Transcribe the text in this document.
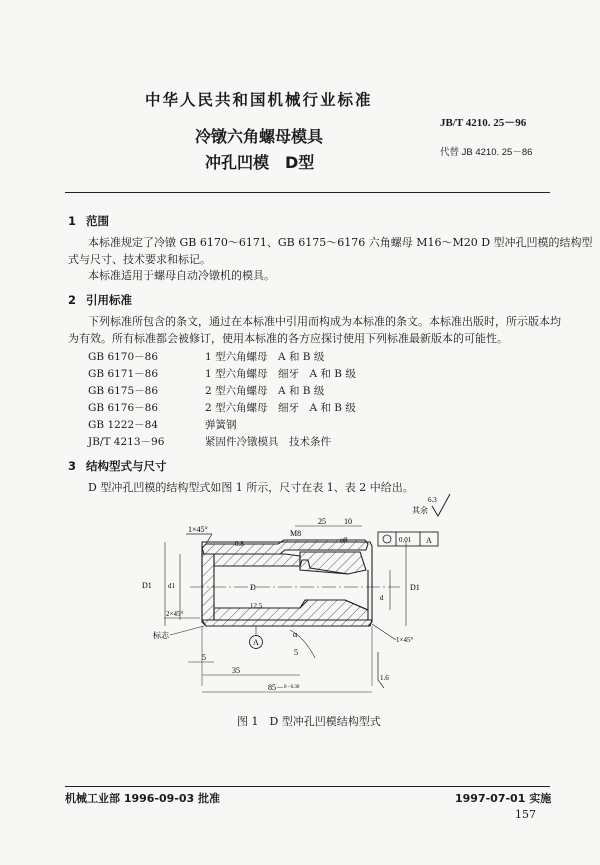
中华人民共和国机械行业标准
JB/T 4210. 25－96
冷镦六角螺母模具
冲孔凹模　D型
代替 JB 4210. 25－86
1 范围
本标准规定了冷镦 GB 6170～6171、GB 6175～6176 六角螺母 M16～M20 D 型冲孔凹模的结构型
式与尺寸、技术要求和标记。
本标准适用于螺母自动冷镦机的模具。
2 引用标准
下列标准所包含的条文，通过在本标准中引用而构成为本标准的条文。本标准出版时，所示版本均
为有效。所有标准都会被修订，使用本标准的各方应探讨使用下列标准最新版本的可能性。
GB 6170－86	1 型六角螺母　A 和 B 级
GB 6171－86	1 型六角螺母　细牙　A 和 B 级
GB 6175－86	2 型六角螺母　A 和 B 级
GB 6176－86	2 型六角螺母　细牙　A 和 B 级
GB 1222－84	弹簧钢
JB/T 4213－96	紧固件冷镦模具　技术条件
3 结构型式与尺寸
D 型冲孔凹模的结构型式如图 1 所示，尺寸在表 1、表 2 中给出。
其余
6.3
1×45°
0.8
M8
25 10
φ8	0.01 A
D1 d1	D
2×45°
标志
12.5
A
α
d
D1
1×45°
5
5
35
85－$^{0 -0.30}$
1.6
图 1　D 型冲孔凹模结构型式
机械工业部 1996-09-03 批准	1997-07-01 实施
157
